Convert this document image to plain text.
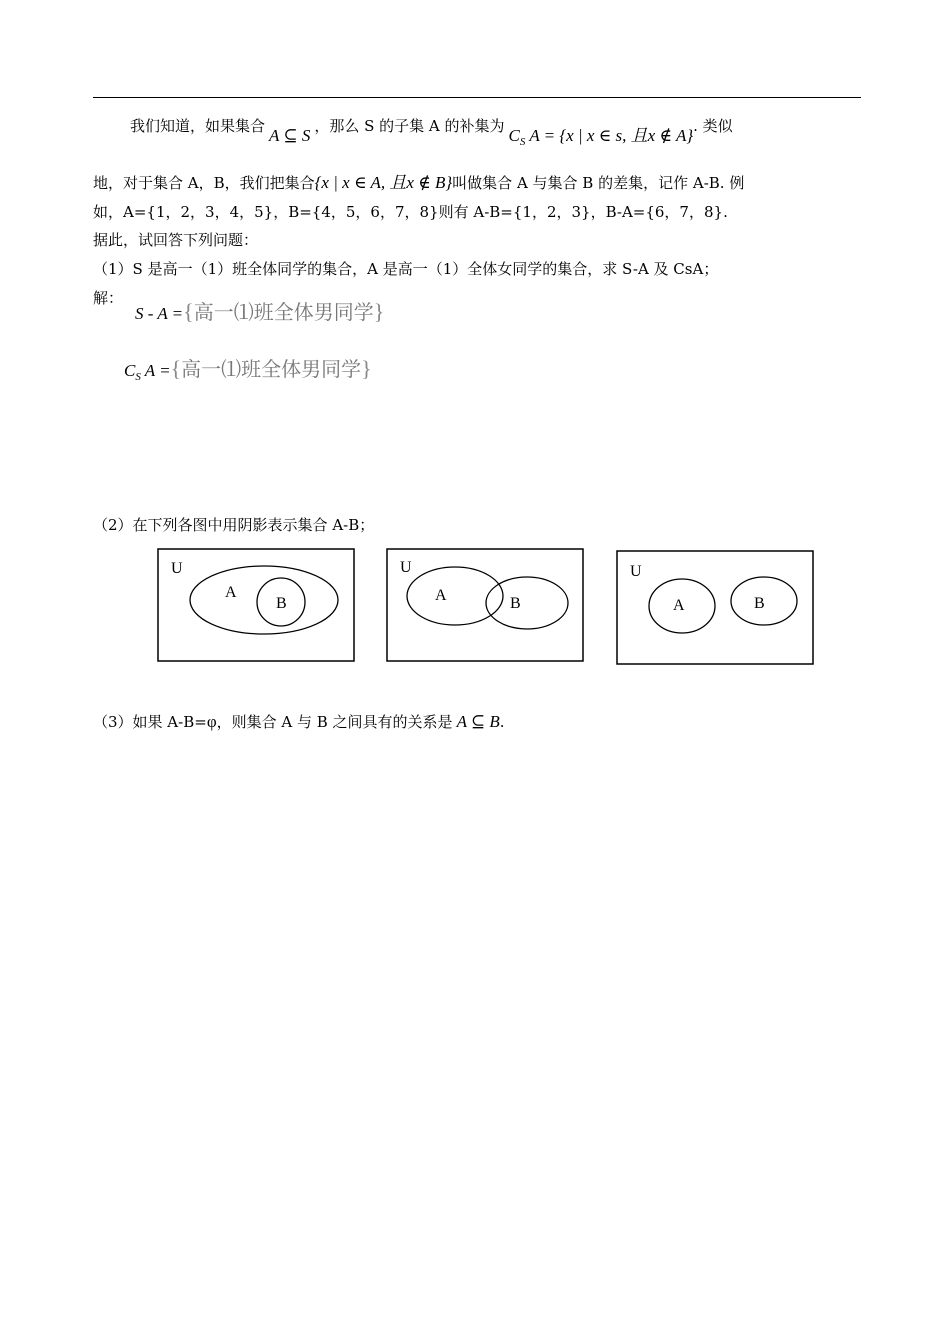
我们知道，如果集合 A ⊆ S ，那么 S 的子集 A 的补集为 $C_S$ A = {x | x ∈ s, 且x ∉ A}. 类似
地，对于集合 A，B，我们把集合{x | x ∈ A, 且x ∉ B}叫做集合 A 与集合 B 的差集，记作 A-B. 例
如，A={1，2，3，4，5}，B={4，5，6，7，8}则有 A-B={1，2，3}，B-A={6，7，8}.
据此，试回答下列问题：
（1）S 是高一（1）班全体同学的集合，A 是高一（1）全体女同学的集合，求 S-A 及 CsA；
解：
S - A ={高一⑴班全体男同学}
$C_S$ A ={高一⑴班全体男同学}
（2）在下列各图中用阴影表示集合 A-B；
U
A
B
U
A	B
U
A	B
（3）如果 A-B=φ，则集合 A 与 B 之间具有的关系是 A ⊆ B.
